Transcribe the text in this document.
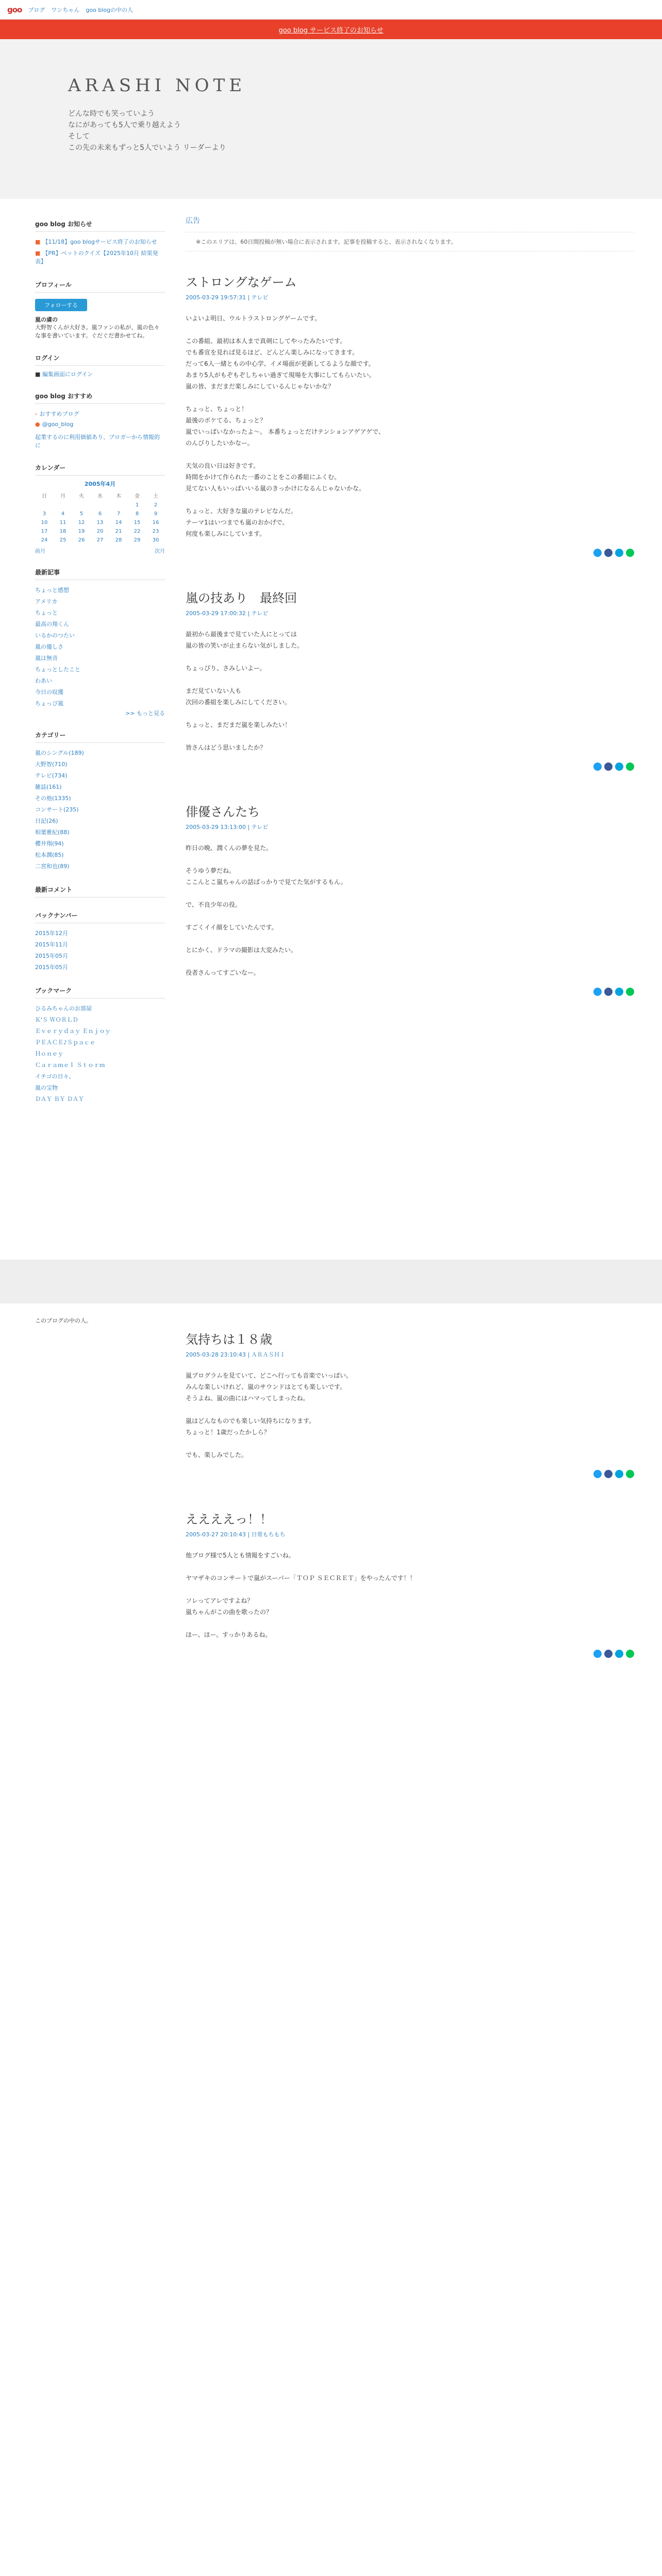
goo ブログ ワンちゃん goo blogの中の人
goo blog サービス終了のお知らせ
ARASHI NOTE
どんな時でも笑っていよう
なにがあっても5人で乗り越えよう
そして
この先の未来もずっと5人でいよう リーダーより
goo blog お知らせ
■ 【11/18】goo blogサービス終了のお知らせ
■ 【PR】ペットのクイズ【2025年10月 結果発表】
プロフィール
フォローする
嵐の虜の
大野智くんが大好き。嵐ファンの私が、嵐の色々な事を書いています。ぐだぐだ書かせてね。
ログイン
■ 編集画面にログイン
goo blog おすすめ
› おすすめブログ
● @goo_blog
起業するのに利用価値あり、ブロガーから情報的に
カレンダー
2005年4月
日	月	火	水	木	金	土
					1	2
3	4	5	6	7	8	9
10	11	12	13	14	15	16
17	18	19	20	21	22	23
24	25	26	27	28	29	30
前月	次月
最新記事
ちょっと感想
アメリカ
ちょっと
最高の翔くん
いるかのつたい
嵐の優しさ
嵐は無音
ちょっとしたこと
わあい
今日の収獲
ちょっぴ嵐
>> もっと見る
カテゴリー
嵐のシングル(189)
大野智(710)
テレビ(734)
雑誌(161)
その他(1335)
コンサート(235)
日記(26)
相葉雅紀(88)
櫻井翔(94)
松本潤(85)
二宮和也(89)
最新コメント
バックナンバー
2015年12月
2015年11月
2015年05月
2015年05月
ブックマーク
ひるみちゃんのお部屋
Ｋ'Ｓ ＷＯＲＬＤ
Ｅｖｅｒｙｄａｙ Ｅｎｊｏｙ
ＰＥＡＣＥ♪Ｓｐａｃｅ
Ｈｏｎｅｙ
Ｃａｒａｍｅｌ Ｓｔｏｒｍ
イチゴの日々。
嵐の宝物
ＤＡＹ ＢＹ ＤＡＹ
広告
※このエリアは、60日間投稿が無い場合に表示されます。記事を投稿すると、表示されなくなります。
ストロングなゲーム
2005-03-29 19:57:31 | テレビ
いよいよ明日、ウルトラストロングゲームです。

この番組、最初は本人まで真剣にしてやったみたいです。
でも番宣を見れば見るほど、どんどん楽しみになってきます。
だって6人一緒ともの中心学、イメ場面が更新してるような顔です。
あまり5人がもぞもぞしちゃい過ぎて現場を大事にしてもらいたい。
嵐の皆、まだまだ楽しみにしているんじゃないかな？

ちょっと、ちょっと！
最後のボケてる、ちょっと？
嵐でいっぱいなかったよ〜。 本番ちょっとだけテンションアゲアゲで、
のんびりしたいかなー。

天気の良い日は好きです。
時間をかけて作られた一番のことをこの番組にふくむ。
見てない人もいっぱいいる嵐のきっかけになるんじゃないかな。

ちょっと、大好きな嵐のテレビなんだ。
テーマ1はいつまでも嵐のおかげで。
何度も楽しみにしています。
嵐の技あり　最終回
2005-03-29 17:00:32 | テレビ
最初から最後まで見ていた人にとっては
嵐の皆の笑いが止まらない気がしました。

ちょっぴり、さみしいよー。

まだ見ていない人も
次回の番組を楽しみにしてください。

ちょっと、まだまだ嵐を楽しみたい！

皆さんはどう思いましたか？
俳優さんたち
2005-03-29 13:13:00 | テレビ
昨日の晩、潤くんの夢を見た。

そうゆう夢だね。
ここんとこ嵐ちゃんの話ばっかりで見てた気がするもん。

で、不良少年の役。

すごくイイ顔をしていたんです。

とにかく、ドラマの撮影は大変みたい。

役者さんってすごいなー。
このブログの中の人。
気持ちは１８歳
2005-03-28 23:10:43 | ＡＲＡＳＨＩ
嵐プログラムを見ていて、どこへ行っても音楽でいっぱい。
みんな楽しいけれど、嵐のサウンドはとても楽しいです。
そうよね、嵐の曲にはハマってしまったね。

嵐はどんなものでも楽しい気持ちになります。
ちょっと！1歳だったかしら？

でも、楽しみでした。
ええええっ！！
2005-03-27 20:10:43 | 日常もちもち
他ブログ様で5人とも情報をすごいね。

ヤマザキのコンサートで嵐がスーパー「ＴＯＰ ＳＥＣＲＥＴ」をやったんです！！

ソレってアレですよね？
嵐ちゃんがこの曲を歌ったの？

ほー、ほー。すっかりあるね。
